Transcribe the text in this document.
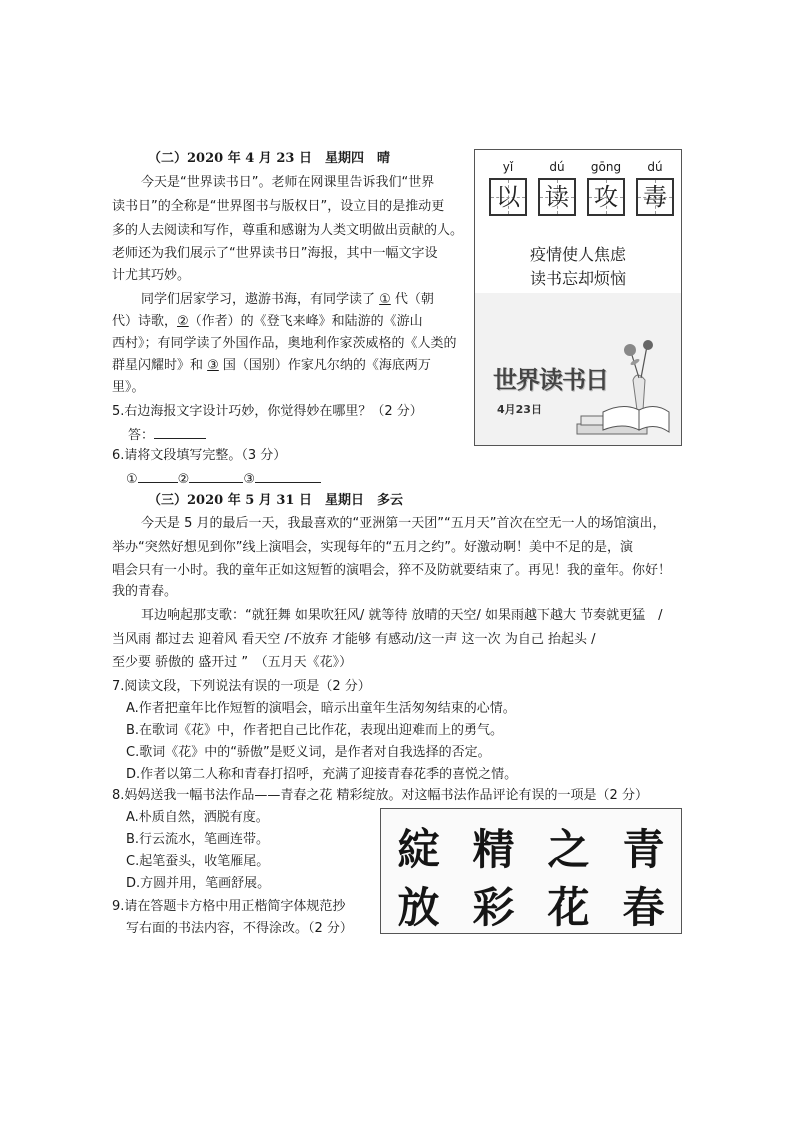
（二）2020 年 4 月 23 日　星期四　晴
今天是“世界读书日”。老师在网课里告诉我们“世界
读书日”的全称是“世界图书与版权日”，设立目的是推动更
多的人去阅读和写作，尊重和感谢为人类文明做出贡献的人。
老师还为我们展示了“世界读书日”海报，其中一幅文字设
计尤其巧妙。
同学们居家学习，遨游书海，有同学读了 ① 代（朝
代）诗歌，②（作者）的《登飞来峰》和陆游的《游山
西村》；有同学读了外国作品，奥地利作家茨威格的《人类的
群星闪耀时》和 ③ 国（国别）作家凡尔纳的《海底两万
里》。
5.右边海报文字设计巧妙，你觉得妙在哪里？（2 分）
答：
6.请将文段填写完整。（3 分）
①	②	③
yǐ	dú	gōng	dú
以 读 攻 毒
疫情使人焦虑
读书忘却烦恼
世界读书日
4月23日
（三）2020 年 5 月 31 日　星期日　多云
今天是 5 月的最后一天，我最喜欢的“亚洲第一天团”“五月天”首次在空无一人的场馆演出，
举办“突然好想见到你”线上演唱会，实现每年的“五月之约”。好激动啊！美中不足的是，演
唱会只有一小时。我的童年正如这短暂的演唱会，猝不及防就要结束了。再见！我的童年。你好！
我的青春。
耳边响起那支歌：“就狂舞 如果吹狂风/ 就等待 放晴的天空/ 如果雨越下越大 节奏就更猛　/
当风雨 都过去 迎着风 看天空 /不放弃 才能够 有感动/这一声 这一次 为自己 抬起头 /
至少要 骄傲的 盛开过 ”　（五月天《花》）
7.阅读文段，下列说法有误的一项是（2 分）
A.作者把童年比作短暂的演唱会，暗示出童年生活匆匆结束的心情。
B.在歌词《花》中，作者把自己比作花，表现出迎难而上的勇气。
C.歌词《花》中的“骄傲”是贬义词，是作者对自我选择的否定。
D.作者以第二人称和青春打招呼，充满了迎接青春花季的喜悦之情。
8.妈妈送我一幅书法作品——青春之花 精彩绽放。对这幅书法作品评论有误的一项是（2 分）
A.朴质自然，洒脱有度。
B.行云流水，笔画连带。
C.起笔蚕头，收笔雁尾。
D.方圆并用，笔画舒展。
9.请在答题卡方格中用正楷简字体规范抄
写右面的书法内容，不得涂改。（2 分）
綻 精 之 青
放 彩 花 春
